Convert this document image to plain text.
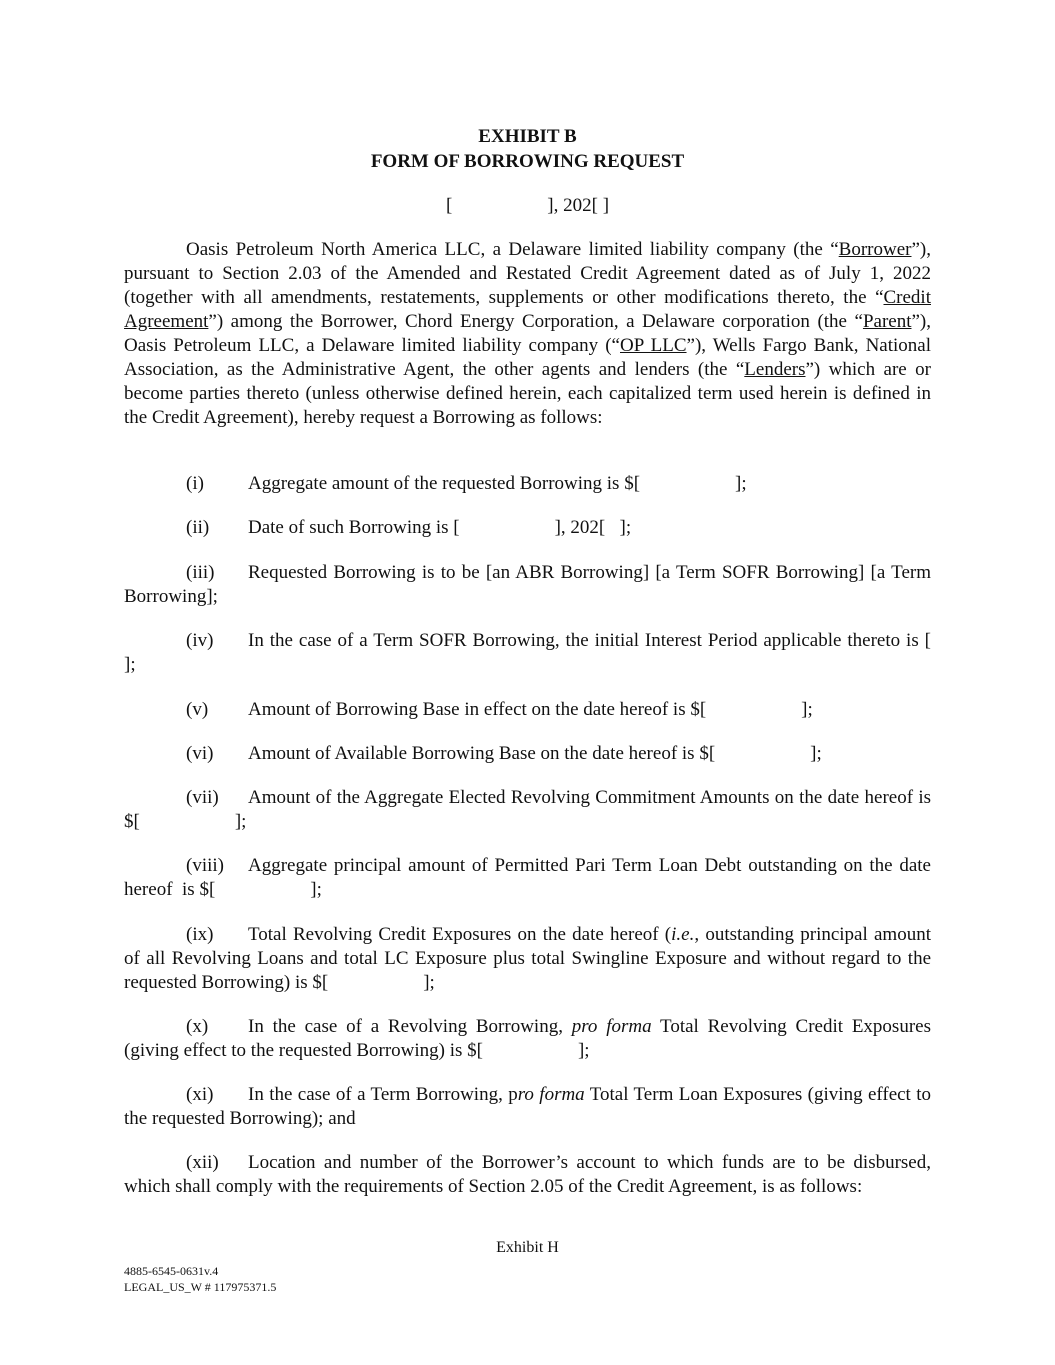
EXHIBIT B
FORM OF BORROWING REQUEST
[                    ], 202[ ]
Oasis Petroleum North America LLC, a Delaware limited liability company (the “Borrower”), pursuant to Section 2.03 of the Amended and Restated Credit Agreement dated as of July 1, 2022 (together with all amendments, restatements, supplements or other modifications thereto, the “Credit Agreement”) among the Borrower, Chord Energy Corporation, a Delaware corporation (the “Parent”), Oasis Petroleum LLC, a Delaware limited liability company (“OP LLC”), Wells Fargo Bank, National Association, as the Administrative Agent, the other agents and lenders (the “Lenders”) which are or become parties thereto (unless otherwise defined herein, each capitalized term used herein is defined in the Credit Agreement), hereby request a Borrowing as follows:
(i) Aggregate amount of the requested Borrowing is $[                    ];
(ii) Date of such Borrowing is [                    ], 202[   ];
(iii) Requested Borrowing is to be [an ABR Borrowing] [a Term SOFR Borrowing] [a Term Borrowing];
(iv) In the case of a Term SOFR Borrowing, the initial Interest Period applicable thereto is [                    ];
(v) Amount of Borrowing Base in effect on the date hereof is $[                    ];
(vi) Amount of Available Borrowing Base on the date hereof is $[                    ];
(vii) Amount of the Aggregate Elected Revolving Commitment Amounts on the date hereof is $[                    ];
(viii) Aggregate principal amount of Permitted Pari Term Loan Debt outstanding on the date hereof  is $[                    ];
(ix) Total Revolving Credit Exposures on the date hereof (i.e., outstanding principal amount of all Revolving Loans and total LC Exposure plus total Swingline Exposure and without regard to the requested Borrowing) is $[                    ];
(x) In the case of a Revolving Borrowing, pro forma Total Revolving Credit Exposures (giving effect to the requested Borrowing) is $[                    ];
(xi) In the case of a Term Borrowing, pro forma Total Term Loan Exposures (giving effect to the requested Borrowing); and
(xii) Location and number of the Borrower’s account to which funds are to be disbursed, which shall comply with the requirements of Section 2.05 of the Credit Agreement, is as follows:
Exhibit H
4885-6545-0631v.4
LEGAL_US_W # 117975371.5
